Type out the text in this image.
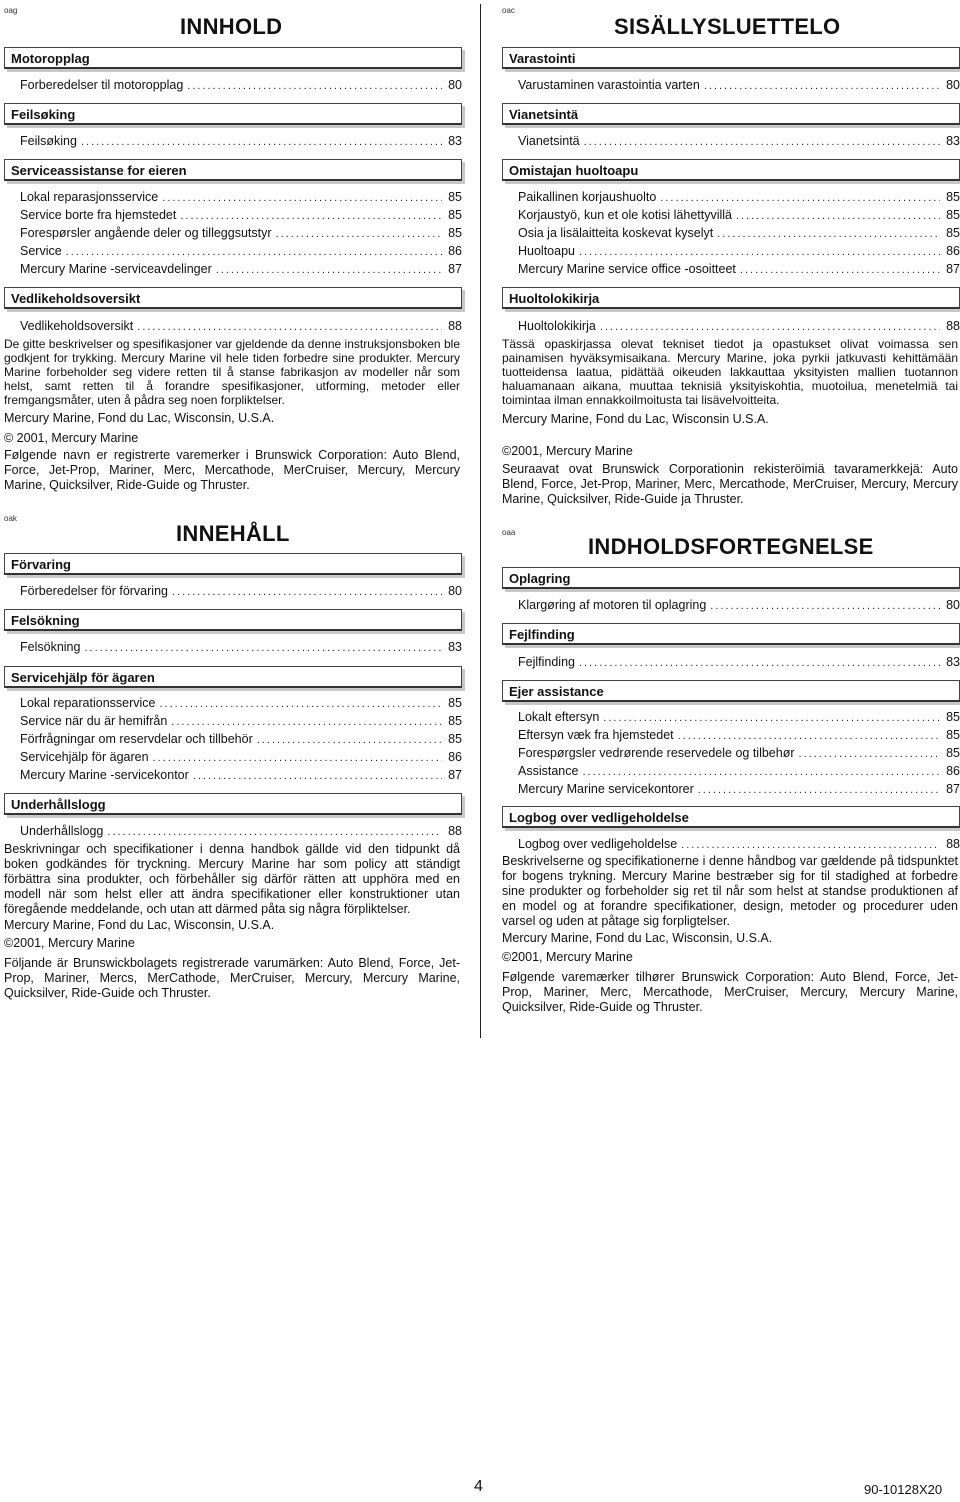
oag
INNHOLD
Motoropplag
Forberedelser til motoropplag .....	80
Feilsøking
Feilsøking .....	83
Serviceassistanse for eieren
Lokal reparasjonsservice .....	85
Service borte fra hjemstedet .....	85
Forespørsler angående deler og tilleggsutstyr .....	85
Service .....	86
Mercury Marine -serviceavdelinger .....	87
Vedlikeholdsoversikt
Vedlikeholdsoversikt .....	88
De gitte beskrivelser og spesifikasjoner var gjeldende da denne instruksjonsboken ble godkjent for trykking. Mercury Marine vil hele tiden forbedre sine produkter. Mercury Marine forbeholder seg videre retten til å stanse fabrikasjon av modeller når som helst, samt retten til å forandre spesifikasjoner, utforming, metoder eller fremgangsmåter, uten å pådra seg noen forpliktelser.
Mercury Marine, Fond du Lac, Wisconsin, U.S.A.
© 2001, Mercury Marine
Følgende navn er registrerte varemerker i Brunswick Corporation: Auto Blend, Force, Jet-Prop, Mariner, Merc, Mercathode, MerCruiser, Mercury, Mercury Marine, Quicksilver, Ride-Guide og Thruster.
oac
SISÄLLYSLUETTELO
Varastointi
Varustaminen varastointia varten .....	80
Vianetsintä
Vianetsintä .....	83
Omistajan huoltoapu
Paikallinen korjaushuolto .....	85
Korjaustyö, kun et ole kotisi lähettyvillä .....	85
Osia ja lisälaitteita koskevat kyselyt .....	85
Huoltoapu .....	86
Mercury Marine service office -osoitteet .....	87
Huoltolokikirja
Huoltolokikirja .....	88
Tässä opaskirjassa olevat tekniset tiedot ja opastukset olivat voimassa sen painamisen hyväksymisaikana. Mercury Marine, joka pyrkii jatkuvasti kehittämään tuotteidensa laatua, pidättää oikeuden lakkauttaa yksityisten mallien tuotannon haluamanaan aikana, muuttaa teknisiä yksityiskohtia, muotoilua, menetelmiä tai toimintaa ilman ennakkoilmoitusta tai lisävelvoitteita.
Mercury Marine, Fond du Lac, Wisconsin U.S.A.
©2001, Mercury Marine
Seuraavat ovat Brunswick Corporationin rekisteröimiä tavaramerkkejä: Auto Blend, Force, Jet-Prop, Mariner, Merc, Mercathode, MerCruiser, Mercury, Mercury Marine, Quicksilver, Ride-Guide ja Thruster.
oak
INNEHÅLL
Förvaring
Förberedelser för förvaring .....	80
Felsökning
Felsökning .....	83
Servicehjälp för ägaren
Lokal reparationsservice .....	85
Service när du är hemifrån .....	85
Förfrågningar om reservdelar och tillbehör .....	85
Servicehjälp för ägaren .....	86
Mercury Marine -servicekontor .....	87
Underhållslogg
Underhållslogg .....	88
Beskrivningar och specifikationer i denna handbok gällde vid den tidpunkt då boken godkändes för tryckning. Mercury Marine har som policy att ständigt förbättra sina produkter, och förbehåller sig därför rätten att upphöra med en modell när som helst eller att ändra specifikationer eller konstruktioner utan föregående meddelande, och utan att därmed påta sig några förpliktelser.
Mercury Marine, Fond du Lac, Wisconsin, U.S.A.
©2001, Mercury Marine
Följande är Brunswickbolagets registrerade varumärken: Auto Blend, Force, Jet-Prop, Mariner, Mercs, MerCathode, MerCruiser, Mercury, Mercury Marine, Quicksilver, Ride-Guide och Thruster.
oaa
INDHOLDSFORTEGNELSE
Oplagring
Klargøring af motoren til oplagring .....	80
Fejlfinding
Fejlfinding .....	83
Ejer assistance
Lokalt eftersyn .....	85
Eftersyn væk fra hjemstedet .....	85
Forespørgsler vedrørende reservedele og tilbehør .....	85
Assistance .....	86
Mercury Marine servicekontorer .....	87
Logbog over vedligeholdelse
Logbog over vedligeholdelse .....	88
Beskrivelserne og specifikationerne i denne håndbog var gældende på tidspunktet for bogens trykning. Mercury Marine bestræber sig for til stadighed at forbedre sine produkter og forbeholder sig ret til når som helst at standse produktionen af en model og at forandre specifikationer, design, metoder og procedurer uden varsel og uden at påtage sig forpligtelser.
Mercury Marine, Fond du Lac, Wisconsin, U.S.A.
©2001, Mercury Marine
Følgende varemærker tilhører Brunswick Corporation: Auto Blend, Force, Jet-Prop, Mariner, Merc, Mercathode, MerCruiser, Mercury, Mercury Marine, Quicksilver, Ride-Guide og Thruster.
4	90-10128X20
